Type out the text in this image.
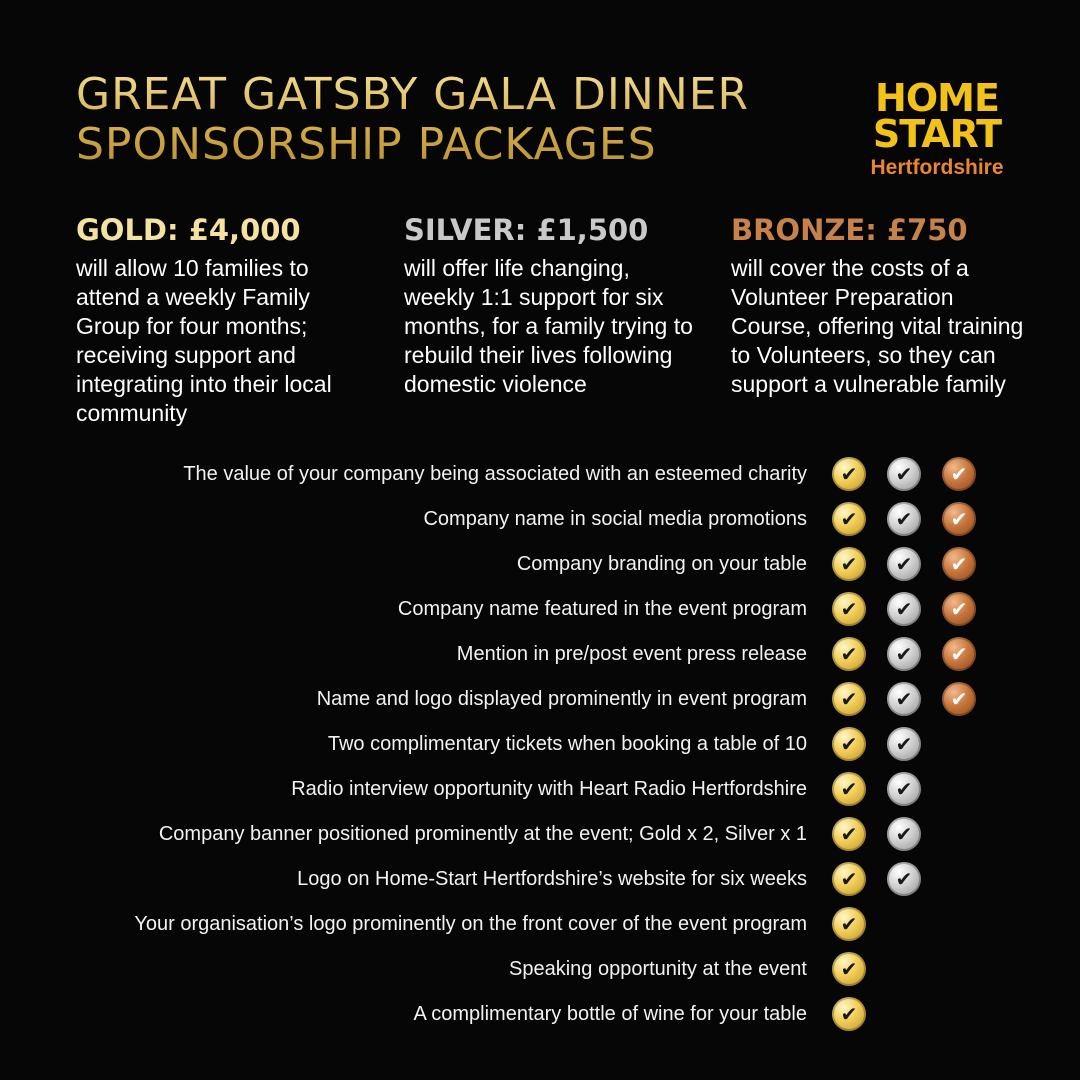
GREAT GATSBY GALA DINNER
SPONSORSHIP PACKAGES
HOME
START
Hertfordshire
GOLD: £4,000
will allow 10 families to attend a weekly Family Group for four months; receiving support and integrating into their local community
SILVER: £1,500
will offer life changing, weekly 1:1 support for six months, for a family trying to rebuild their lives following domestic violence
BRONZE: £750
will cover the costs of a Volunteer Preparation Course, offering vital training to Volunteers, so they can support a vulnerable family
The value of your company being associated with an esteemed charity	✔	✔	✔
Company name in social media promotions	✔	✔	✔
Company branding on your table	✔	✔	✔
Company name featured in the event program	✔	✔	✔
Mention in pre/post event press release	✔	✔	✔
Name and logo displayed prominently in event program	✔	✔	✔
Two complimentary tickets when booking a table of 10	✔	✔
Radio interview opportunity with Heart Radio Hertfordshire	✔	✔
Company banner positioned prominently at the event; Gold x 2, Silver x 1	✔	✔
Logo on Home-Start Hertfordshire’s website for six weeks	✔	✔
Your organisation’s logo prominently on the front cover of the event program	✔
Speaking opportunity at the event	✔
A complimentary bottle of wine for your table	✔
